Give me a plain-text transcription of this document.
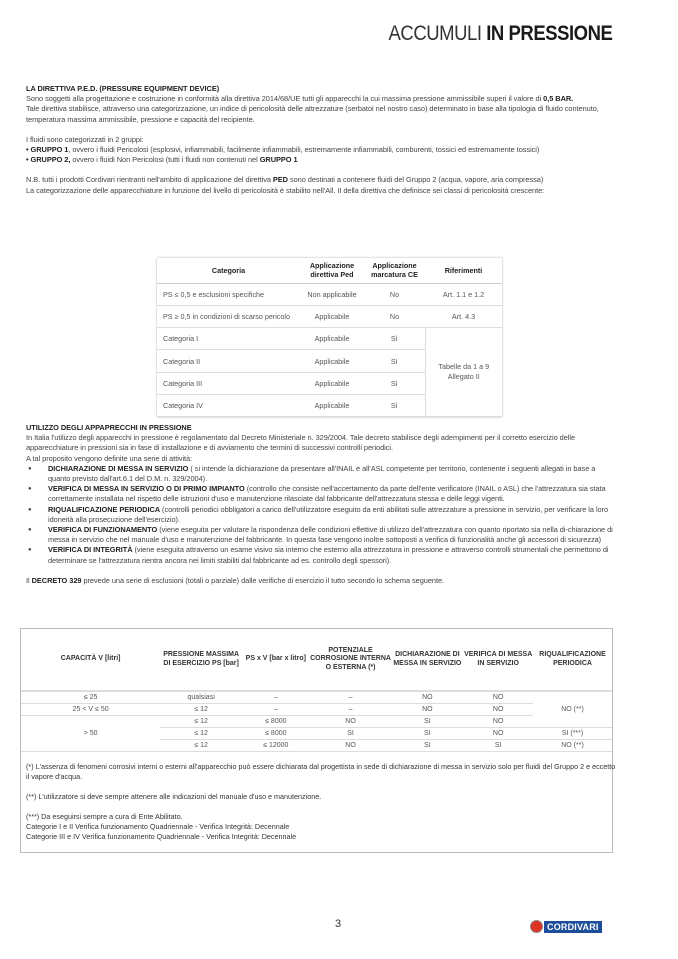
ACCUMULI IN PRESSIONE

LA DIRETTIVA P.E.D. (PRESSURE EQUIPMENT DEVICE)

Sono soggetti alla progettazione e costruzione in conformità alla direttiva 2014/68/UE tutti gli apparecchi la cui massima pressione ammissibile superi il valore di 0,5 BAR.

Tale direttiva stabilisce, attraverso una categorizzazione, un indice di pericolosità delle attrezzature (serbatoi nel nostro caso) determinato in base alla tipologia di fluido contenuto, temperatura massima ammissibile, pressione e capacità del recipiente.

I fluidi sono categorizzati in 2 gruppi:

• GRUPPO 1, ovvero i fluidi Pericolosi (esplosivi, infiammabili, facilmente infiammabili, estremamente infiammabili, comburenti, tossici ed estremamente tossici)

• GRUPPO 2, ovvero i fluidi Non Pericolosi (tutti i fluidi non contenuti nel GRUPPO 1

N.B. tutti i prodotti Cordivari rientranti nell'ambito di applicazione del direttiva PED sono destinati a contenere fluidi del Gruppo 2 (acqua, vapore, aria compressa)

La categorizzazione delle apparecchiature in funzione del livello di pericolosità è stabilito nell'All. II della direttiva che definisce sei classi di pericolosità crescente:

Categoria	Applicazione direttiva Ped	Applicazione marcatura CE	Riferimenti
PS ≤ 0,5 e esclusioni specifiche	Non applicabile	No	Art. 1.1 e 1.2
PS ≥ 0,5 in condizioni di scarso pericolo	Applicabile	No	Art. 4.3
Categoria I	Applicabile	Sì	Tabelle da 1 a 9 Allegato II
Categoria II	Applicabile	Sì	
Categoria III	Applicabile	Sì	
Categoria IV	Applicabile	Sì	

UTILIZZO DEGLI APPAPRECCHI IN PRESSIONE

In Italia l'utilizzo degli apparecchi in pressione è regolamentato dal Decreto Ministeriale n. 329/2004. Tale decreto stabilisce degli adempimenti per il corretto esercizio delle apparecchiature in pressioni sia in fase di installazione e di avviamento che termini di successivi controlli periodici.

A tal proposito vengono definite una serie di attività:

● DICHIARAZIONE DI MESSA IN SERVIZIO ( si intende la dichiarazione da presentare all'INAIL e all'ASL competente per territorio, contenente i seguenti allegati in base a quanto previsto dall'art.6.1 del D.M. n. 329/2004).
● VERIFICA DI MESSA IN SERVIZIO O DI PRIMO IMPIANTO (controllo che consiste nell'accertamento da parte dell'ente verificatore (INAIL o ASL) che l'attrezzatura sia stata correttamente installata nel rispetto delle istruzioni d'uso e manutenzione rilasciate dal fabbricante dell'attrezzatura stessa e delle leggi vigenti.
● RIQUALIFICAZIONE PERIODICA (controlli periodici obbligatori a carico dell'utilizzatore eseguito da enti abilitati sulle attrezzature a pressione in servizio, per verificare la loro idoneità alla prosecuzione dell'esercizio).
● VERIFICA DI FUNZIONAMENTO (viene eseguita per valutare la rispondenza delle condizioni effettive di utilizzo dell'attrezzatura con quanto riportato sia nella di-chiarazione di messa in servizio che nel manuale d'uso e manutenzione del fabbricante. In questa fase vengono inoltre sottoposti a verifica di funzionalità anche gli accessori di sicurezza)
● VERIFICA DI INTEGRITÀ (viene eseguita attraverso un esame visivo sia interno che esterno alla attrezzatura in pressione e attraverso controlli strumentali che permettono di determinare se l'attrezzatura rientra ancora nei limiti stabiliti dal fabbricante ad es. controllo degli spessori).

Il DECRETO 329 prevede una serie di esclusioni (totali o parziale) dalle verifiche di esercizio il tutto secondo lo schema seguente.

CAPACITÀ V [litri]	PRESSIONE MASSIMA DI ESERCIZIO PS [bar]	PS x V [bar x litro]	POTENZIALE CORROSIONE INTERNA O ESTERNA (*)	DICHIARAZIONE DI MESSA IN SERVIZIO	VERIFICA DI MESSA IN SERVIZIO	RIQUALIFICAZIONE PERIODICA
≤ 25	qualsiasi	–	–	NO	NO	NO (**)
25 < V ≤ 50	≤ 12	–	–	NO	NO	
> 50	≤ 12	≤ 8000	NO	SI	NO	
	≤ 12	≤ 8000	SI	SI	NO	SI (***)
	≤ 12	≤ 12000	NO	SI	SI	NO (**)

(*) L'assenza di fenomeni corrosivi interni o esterni all'apparecchio può essere dichiarata dal progettista in sede di dichiarazione di messa in servizio solo per fluidi del Gruppo 2 e eccetto il vapore d'acqua.

(**) L'utilizzatore si deve sempre attenere alle indicazioni del manuale d'uso e manutenzione.

(***) Da eseguirsi sempre a cura di Ente Abilitato.

Categorie I e II Verifica funzionamento Quadriennale - Verifica Integrità: Decennale

Categorie III e IV Verifica funzionamento Quadriennale - Verifica Integrità: Decennale

3	CORDIVARI
